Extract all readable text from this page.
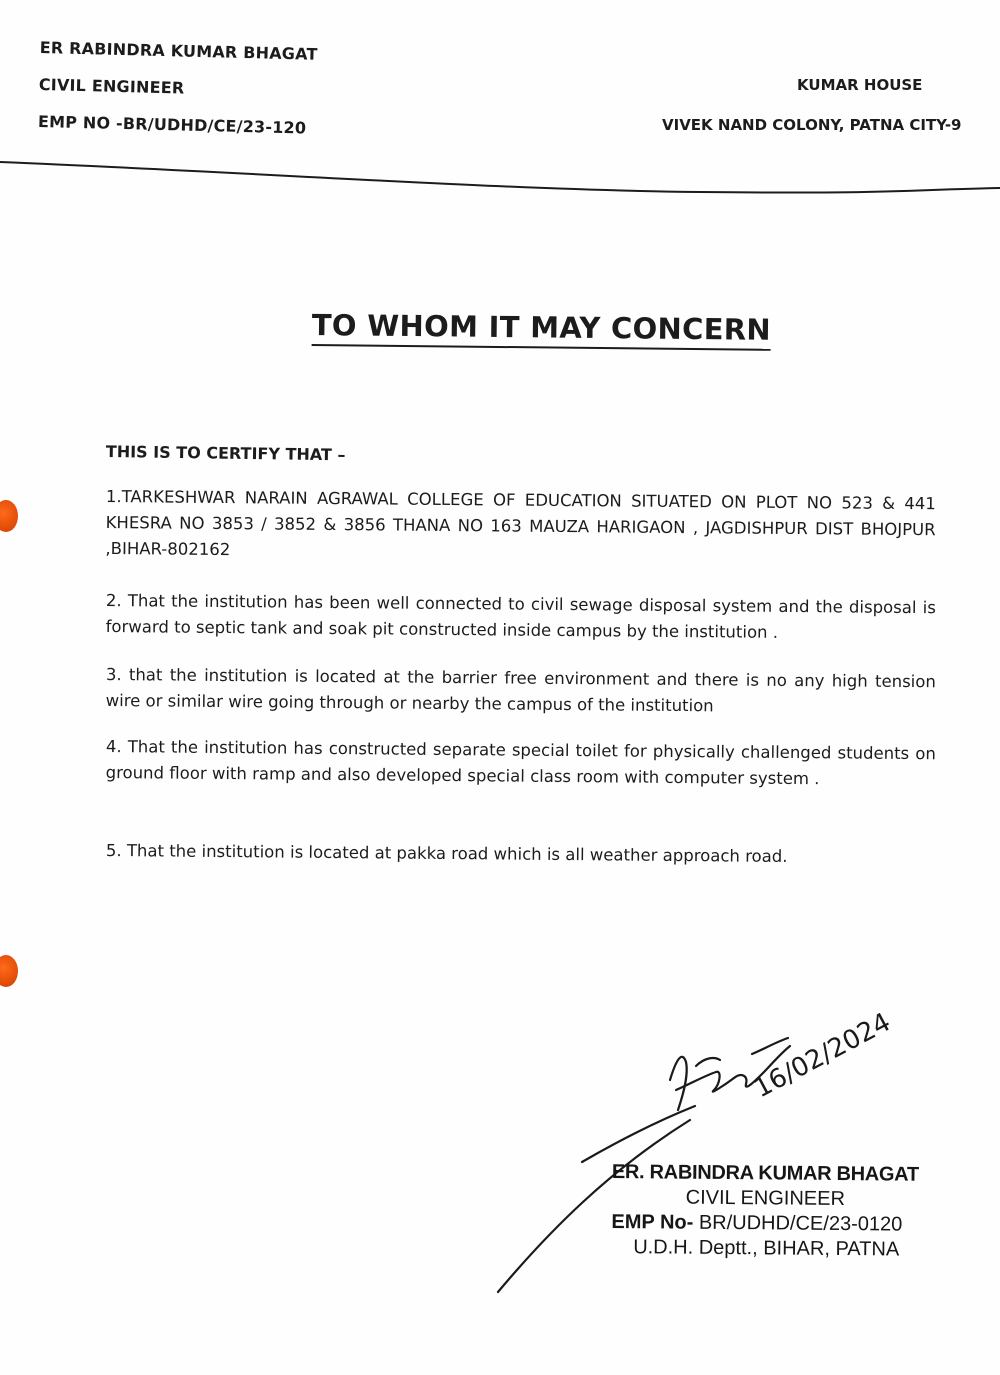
ER RABINDRA KUMAR BHAGAT
CIVIL ENGINEER
EMP NO -BR/UDHD/CE/23-120
KUMAR HOUSE
VIVEK NAND COLONY, PATNA CITY-9
TO WHOM IT MAY CONCERN
THIS IS TO CERTIFY THAT –
1.TARKESHWAR NARAIN AGRAWAL COLLEGE OF EDUCATION SITUATED ON PLOT NO 523 & 441 KHESRA NO 3853 / 3852 & 3856 THANA NO 163 MAUZA HARIGAON , JAGDISHPUR DIST BHOJPUR ,BIHAR-802162
2. That the institution has been well connected to civil sewage disposal system and the disposal is forward to septic tank and soak pit constructed inside campus by the institution .
3. that the institution is located at the barrier free environment and there is no any high tension wire or similar wire going through or nearby the campus of the institution
4. That the institution has constructed separate special toilet for physically challenged students on ground floor with ramp and also developed special class room with computer system .
5. That the institution is located at pakka road which is all weather approach road.
16/02/2024
ER. RABINDRA KUMAR BHAGAT
CIVIL ENGINEER
EMP No- BR/UDHD/CE/23-0120
U.D.H. Deptt., BIHAR, PATNA
